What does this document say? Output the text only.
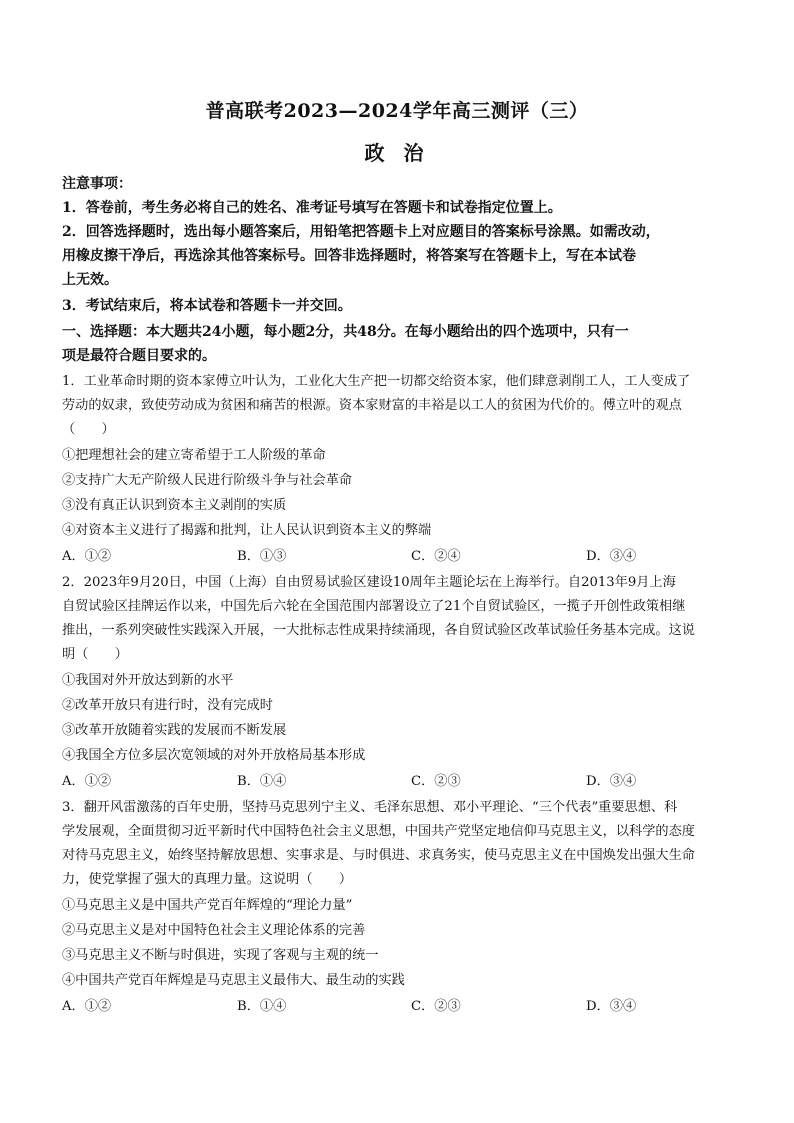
普高联考2023—2024学年高三测评（三）
政 治
注意事项：
1．答卷前，考生务必将自己的姓名、准考证号填写在答题卡和试卷指定位置上。
2．回答选择题时，选出每小题答案后，用铅笔把答题卡上对应题目的答案标号涂黑。如需改动，
用橡皮擦干净后，再选涂其他答案标号。回答非选择题时，将答案写在答题卡上，写在本试卷
上无效。
3．考试结束后，将本试卷和答题卡一并交回。
一、选择题：本大题共24小题，每小题2分，共48分。在每小题给出的四个选项中，只有一
项是最符合题目要求的。
1．工业革命时期的资本家傅立叶认为，工业化大生产把一切都交给资本家，他们肆意剥削工人，工人变成了
劳动的奴隶，致使劳动成为贫困和痛苦的根源。资本家财富的丰裕是以工人的贫困为代价的。傅立叶的观点
（　　）
①把理想社会的建立寄希望于工人阶级的革命
②支持广大无产阶级人民进行阶级斗争与社会革命
③没有真正认识到资本主义剥削的实质
④对资本主义进行了揭露和批判，让人民认识到资本主义的弊端
A．①②	B．①③	C．②④	D．③④
2．2023年9月20日，中国（上海）自由贸易试验区建设10周年主题论坛在上海举行。自2013年9月上海
自贸试验区挂牌运作以来，中国先后六轮在全国范围内部署设立了21个自贸试验区，一揽子开创性政策相继
推出，一系列突破性实践深入开展，一大批标志性成果持续涌现，各自贸试验区改革试验任务基本完成。这说
明（　　）
①我国对外开放达到新的水平
②改革开放只有进行时，没有完成时
③改革开放随着实践的发展而不断发展
④我国全方位多层次宽领域的对外开放格局基本形成
A．①②	B．①④	C．②③	D．③④
3．翻开风雷激荡的百年史册，坚持马克思列宁主义、毛泽东思想、邓小平理论、“三个代表”重要思想、科
学发展观，全面贯彻习近平新时代中国特色社会主义思想，中国共产党坚定地信仰马克思主义，以科学的态度
对待马克思主义，始终坚持解放思想、实事求是、与时俱进、求真务实，使马克思主义在中国焕发出强大生命
力，使党掌握了强大的真理力量。这说明（　　）
①马克思主义是中国共产党百年辉煌的“理论力量”
②马克思主义是对中国特色社会主义理论体系的完善
③马克思主义不断与时俱进，实现了客观与主观的统一
④中国共产党百年辉煌是马克思主义最伟大、最生动的实践
A．①②	B．①④	C．②③	D．③④
